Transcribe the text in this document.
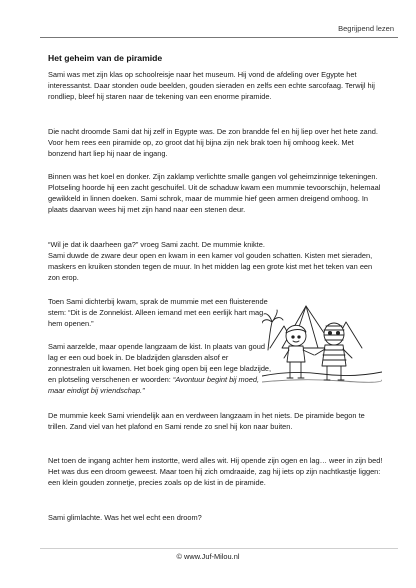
Begrijpend lezen
Het geheim van de piramide

Sami was met zijn klas op schoolreisje naar het museum. Hij vond de afdeling over Egypte het interessantst. Daar stonden oude beelden, gouden sieraden en zelfs een echte sarcofaag. Terwijl hij rondliep, bleef hij staren naar de tekening van een enorme piramide.

Die nacht droomde Sami dat hij zelf in Egypte was. De zon brandde fel en hij liep over het hete zand. Voor hem rees een piramide op, zo groot dat hij bijna zijn nek brak toen hij omhoog keek. Met bonzend hart liep hij naar de ingang.

Binnen was het koel en donker. Zijn zaklamp verlichtte smalle gangen vol geheimzinnige tekeningen. Plotseling hoorde hij een zacht geschuifel. Uit de schaduw kwam een mummie tevoorschijn, helemaal gewikkeld in linnen doeken. Sami schrok, maar de mummie hief geen armen dreigend omhoog. In plaats daarvan wees hij met zijn hand naar een stenen deur.

“Wil je dat ik daarheen ga?” vroeg Sami zacht. De mummie knikte.

Sami duwde de zware deur open en kwam in een kamer vol gouden schatten. Kisten met sieraden, maskers en kruiken stonden tegen de muur. In het midden lag een grote kist met het teken van een zon erop.

Toen Sami dichterbij kwam, sprak de mummie met een fluisterende stem: “Dit is de Zonnekist. Alleen iemand met een eerlijk hart mag hem openen.”

Sami aarzelde, maar opende langzaam de kist. In plaats van goud lag er een oud boek in. De bladzijden glansden alsof er zonnestralen uit kwamen. Het boek ging open bij een lege bladzijde, en plotseling verschenen er woorden: “Avontuur begint bij moed, maar eindigt bij vriendschap.”

De mummie keek Sami vriendelijk aan en verdween langzaam in het niets. De piramide begon te trillen. Zand viel van het plafond en Sami rende zo snel hij kon naar buiten.

Net toen de ingang achter hem instortte, werd alles wit. Hij opende zijn ogen en lag… weer in zijn bed! Het was dus een droom geweest. Maar toen hij zich omdraaide, zag hij iets op zijn nachtkastje liggen: een klein gouden zonnetje, precies zoals op de kist in de piramide.

Sami glimlachte. Was het wel echt een droom?

© www.Juf-Milou.nl
